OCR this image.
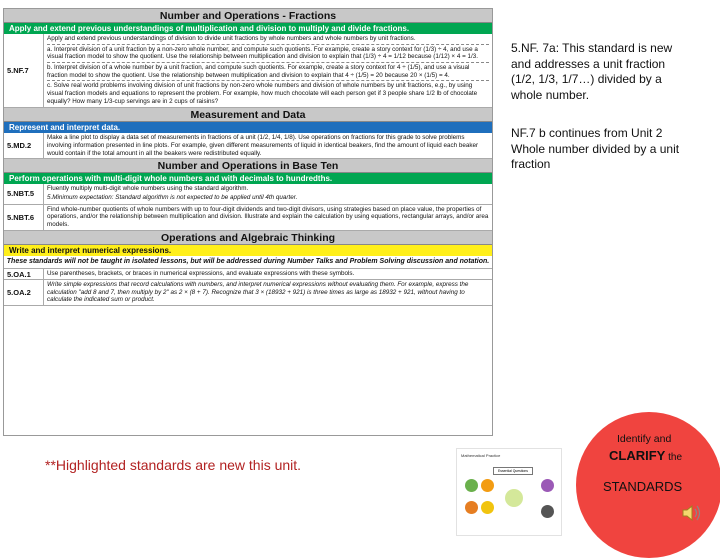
Number and Operations - Fractions
Apply and extend previous understandings of multiplication and division to multiply and divide fractions.
5.NF.7

Apply and extend previous understandings of division to divide unit fractions by whole numbers and whole numbers by unit fractions.

a. Interpret division of a unit fraction by a non-zero whole number, and compute such quotients. For example, create a story context for (1/3) ÷ 4, and use a visual fraction model to show the quotient. Use the relationship between multiplication and division to explain that (1/3) ÷ 4 = 1/12 because (1/12) × 4 = 1/3.

b. Interpret division of a whole number by a unit fraction, and compute such quotients. For example, create a story context for 4 ÷ (1/5), and use a visual fraction model to show the quotient. Use the relationship between multiplication and division to explain that 4 ÷ (1/5) = 20 because 20 × (1/5) = 4.

c. Solve real world problems involving division of unit fractions by non-zero whole numbers and division of whole numbers by unit fractions, e.g., by using visual fraction models and equations to represent the problem. For example, how much chocolate will each person get if 3 people share 1/2 lb of chocolate equally? How many 1/3-cup servings are in 2 cups of raisins?

Measurement and Data
Represent and interpret data.
5.MD.2
Make a line plot to display a data set of measurements in fractions of a unit (1/2, 1/4, 1/8). Use operations on fractions for this grade to solve problems involving information presented in line plots. For example, given different measurements of liquid in identical beakers, find the amount of liquid each beaker would contain if the total amount in all the beakers were redistributed equally.
Number and Operations in Base Ten
Perform operations with multi-digit whole numbers and with decimals to hundredths.
5.NBT.5

Fluently multiply multi-digit whole numbers using the standard algorithm.

5.Minimum expectation: Standard algorithm is not expected to be applied until 4th quarter.

5.NBT.6
Find whole-number quotients of whole numbers with up to four-digit dividends and two-digit divisors, using strategies based on place value, the properties of operations, and/or the relationship between multiplication and division. Illustrate and explain the calculation by using equations, rectangular arrays, and/or area models.
Operations and Algebraic Thinking
Write and interpret numerical expressions.
These standards will not be taught in isolated lessons, but will be addressed during Number Talks and Problem Solving discussion and notation.
5.OA.1	Use parentheses, brackets, or braces in numerical expressions, and evaluate expressions with these symbols.
5.OA.2
Write simple expressions that record calculations with numbers, and interpret numerical expressions without evaluating them. For example, express the calculation "add 8 and 7, then multiply by 2" as 2 × (8 + 7). Recognize that 3 × (18932 + 921) is three times as large as 18932 + 921, without having to calculate the indicated sum or product.
5.NF. 7a: This standard is new and addresses a unit fraction (1/2, 1/3, 1/7…) divided by a whole number.
NF.7 b continues from Unit 2 Whole number divided by a unit fraction
**Highlighted standards are new this unit.
Mathematical Practice
Essential Questions
Identify and
CLARIFY the
STANDARDS
